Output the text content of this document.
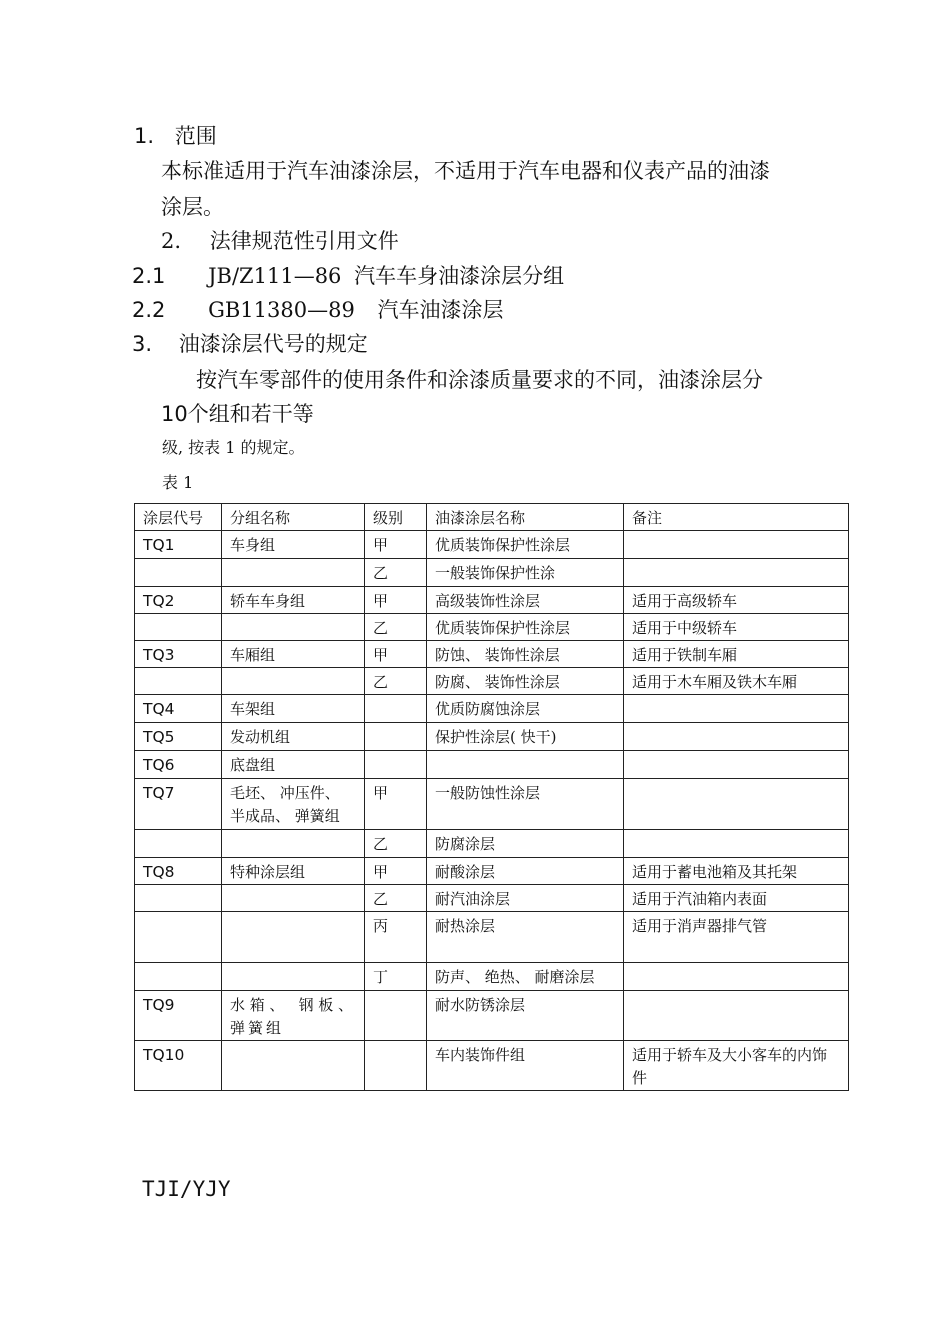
1. 范围
本标准适用于汽车油漆涂层，不适用于汽车电器和仪表产品的油漆
涂层。
2. 法律规范性引用文件
2.1 JB/Z111—86 汽车车身油漆涂层分组
2.2 GB11380—89 汽车油漆涂层
3. 油漆涂层代号的规定
按汽车零部件的使用条件和涂漆质量要求的不同，油漆涂层分
10个组和若干等
级, 按表 1 的规定。
表 1
涂层代号	分组名称	级别	油漆涂层名称	备注
TQ1	车身组	甲	优质装饰保护性涂层	
		乙	一般装饰保护性涂	
TQ2	轿车车身组	甲	高级装饰性涂层	适用于高级轿车
		乙	优质装饰保护性涂层	适用于中级轿车
TQ3	车厢组	甲	防蚀、 装饰性涂层	适用于铁制车厢
		乙	防腐、 装饰性涂层	适用于木车厢及铁木车厢
TQ4	车架组		优质防腐蚀涂层	
TQ5	发动机组		保护性涂层( 快干)	
TQ6	底盘组			
TQ7	毛坯、 冲压件、 半成品、 弹簧组	甲	一般防蚀性涂层	
		乙	防腐涂层	
TQ8	特种涂层组	甲	耐酸涂层	适用于蓄电池箱及其托架
		乙	耐汽油涂层	适用于汽油箱内表面
		丙	耐热涂层	适用于消声器排气管
		丁	防声、 绝热、 耐磨涂层	
TQ9	水箱、 钢板、 弹簧组		耐水防锈涂层	
TQ10			车内装饰件组	适用于轿车及大小客车的内饰件
TJI/YJY
